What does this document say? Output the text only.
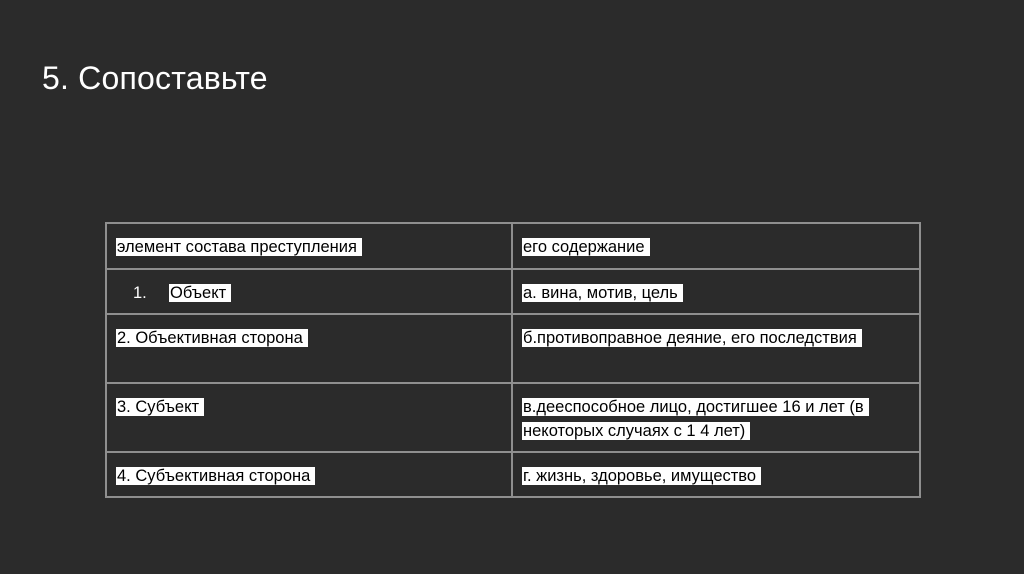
5. Сопоставьте
элемент состава преступления	его содержание
1. Объект	а. вина, мотив, цель
2. Объективная сторона	б.противоправное деяние, его последствия
3. Субъект	в.дееспособное лицо, достигшее 16 и лет (в некоторых случаях с 1 4 лет)
4. Субъективная сторона	г. жизнь, здоровье, имущество
